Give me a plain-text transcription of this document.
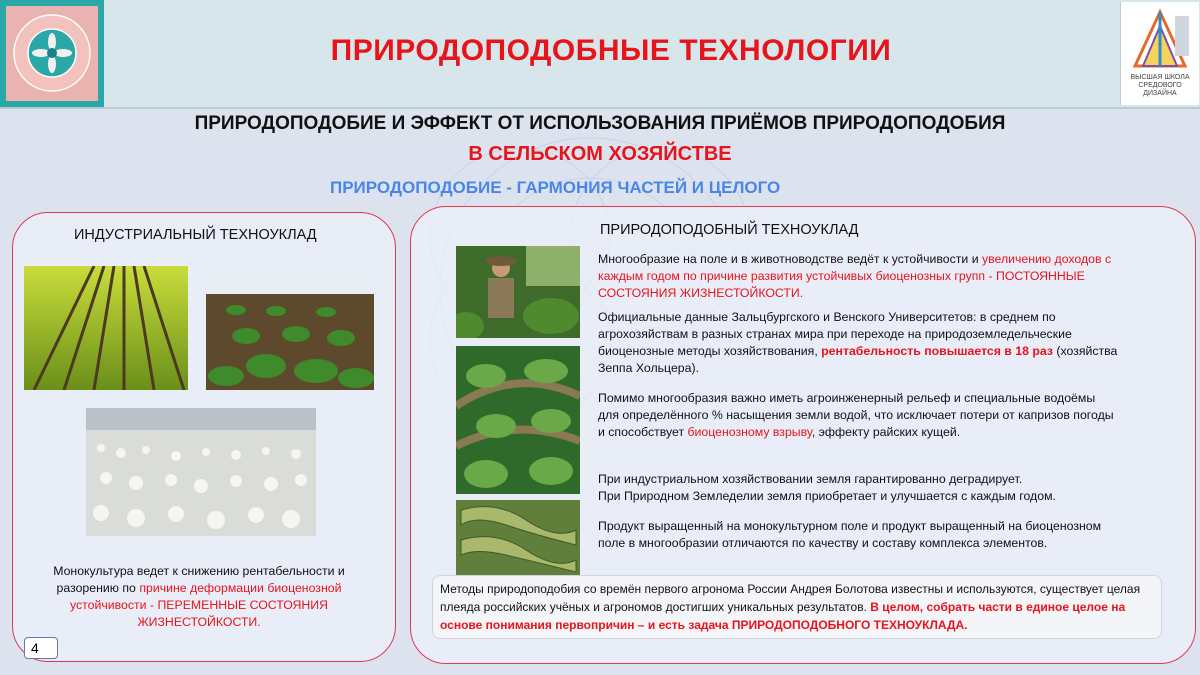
ПРИРОДОПОДОБНЫЕ ТЕХНОЛОГИИ
ВЫСШАЯ ШКОЛА СРЕДОВОГО ДИЗАЙНА
ПРИРОДОПОДОБИЕ И ЭФФЕКТ ОТ ИСПОЛЬЗОВАНИЯ ПРИЁМОВ ПРИРОДОПОДОБИЯ
В СЕЛЬСКОМ ХОЗЯЙСТВЕ
ПРИРОДОПОДОБИЕ - ГАРМОНИЯ ЧАСТЕЙ И ЦЕЛОГО
ИНДУСТРИАЛЬНЫЙ ТЕХНОУКЛАД
Монокультура ведет к снижению рентабельности и разорению по причине деформации биоценозной устойчивости - ПЕРЕМЕННЫЕ СОСТОЯНИЯ ЖИЗНЕСТОЙКОСТИ.
ПРИРОДОПОДОБНЫЙ ТЕХНОУКЛАД
Многообразие на поле и в животноводстве ведёт к устойчивости и увеличению доходов с каждым годом по причине развития устойчивых биоценозных групп - ПОСТОЯННЫЕ СОСТОЯНИЯ ЖИЗНЕСТОЙКОСТИ.
Официальные данные Зальцбургского и Венского Университетов: в среднем по агрохозяйствам в разных странах мира при переходе на природоземледельческие биоценозные методы хозяйствования, рентабельность повышается в 18 раз (хозяйства Зеппа Хольцера).
Помимо многообразия важно иметь агроинженерный рельеф и специальные водоёмы для определённого % насыщения земли водой, что исключает потери от капризов погоды и способствует биоценозному взрыву, эффекту райских кущей.
При индустриальном хозяйствовании земля гарантированно деградирует.
При Природном Земледелии земля приобретает и улучшается с каждым годом.
Продукт выращенный на монокультурном поле и продукт выращенный на биоценозном поле в многообразии отличаются по качеству и составу комплекса элементов.
Методы природоподобия со времён первого агронома России Андрея Болотова известны и используются, существует целая плеяда российских учёных и агрономов достигших уникальных результатов. В целом, собрать части в единое целое на основе понимания первопричин – и есть задача ПРИРОДОПОДОБНОГО ТЕХНОУКЛАДА.
4
